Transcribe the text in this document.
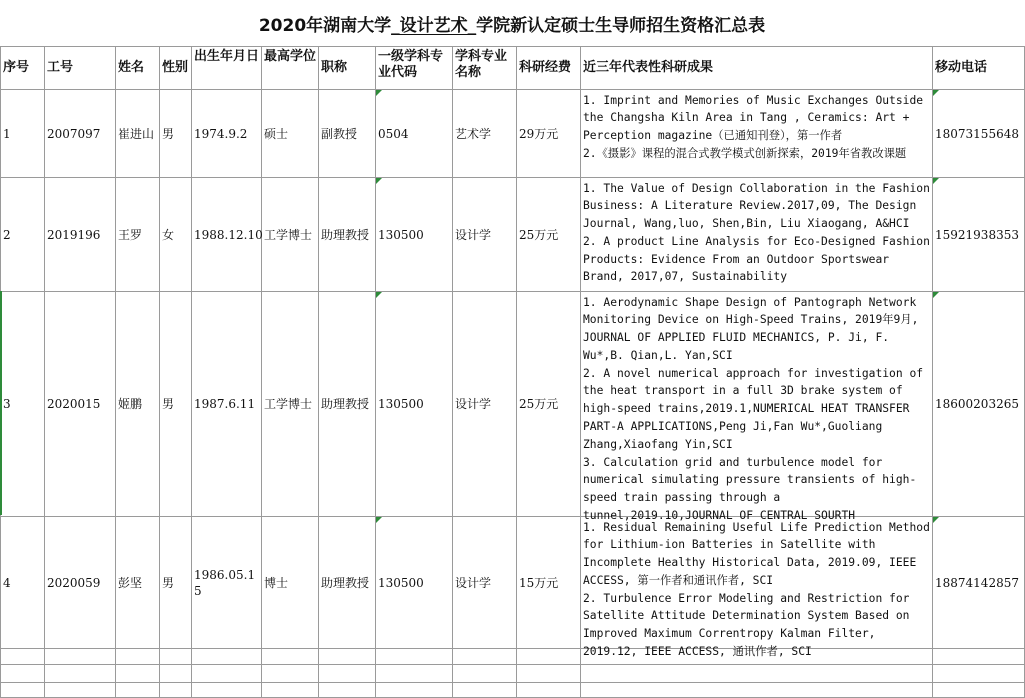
2020年湖南大学 _设计艺术_ 学院新认定硕士生导师招生资格汇总表
序号	工号	姓名	性别	出生年月日	最高学位	职称	一级学科专业代码	学科专业名称	科研经费	近三年代表性科研成果	移动电话
1	2007097	崔进山	男	1974.9.2	硕士	副教授	0504	艺术学	29万元	1. Imprint and Memories of Music Exchanges Outside the Changsha Kiln Area in Tang , Ceramics: Art + Perception magazine（已通知刊登），第一作者
2.《摄影》课程的混合式教学模式创新探索，2019年省教改课题	18073155648
2	2019196	王罗	女	1988.12.10	工学博士	助理教授	130500	设计学	25万元	1. The Value of Design Collaboration in the Fashion Business: A Literature Review.2017,09, The Design Journal, Wang,luo, Shen,Bin, Liu Xiaogang, A&HCI
2. A product Line Analysis for Eco-Designed Fashion Products: Evidence From an Outdoor Sportswear Brand, 2017,07, Sustainability	15921938353
3	2020015	姬鹏	男	1987.6.11	工学博士	助理教授	130500	设计学	25万元	1. Aerodynamic Shape Design of Pantograph Network Monitoring Device on High-Speed Trains, 2019年9月, JOURNAL OF APPLIED FLUID MECHANICS, P. Ji, F. Wu*,B. Qian,L. Yan,SCI
2. A novel numerical approach for investigation of the heat transport in a full 3D brake system of high-speed trains,2019.1,NUMERICAL HEAT TRANSFER PART-A APPLICATIONS,Peng Ji,Fan Wu*,Guoliang Zhang,Xiaofang Yin,SCI
3. Calculation grid and turbulence model for numerical simulating pressure transients of high-speed train passing through a tunnel,2019.10,JOURNAL OF CENTRAL SOURTH	18600203265
4	2020059	彭坚	男	1986.05.15	博士	助理教授	130500	设计学	15万元	1. Residual Remaining Useful Life Prediction Method for Lithium-ion Batteries in Satellite with Incomplete Healthy Historical Data, 2019.09, IEEE ACCESS, 第一作者和通讯作者, SCI
2. Turbulence Error Modeling and Restriction for Satellite Attitude Determination System Based on Improved Maximum Correntropy Kalman Filter, 2019.12, IEEE ACCESS, 通讯作者, SCI	18874142857
